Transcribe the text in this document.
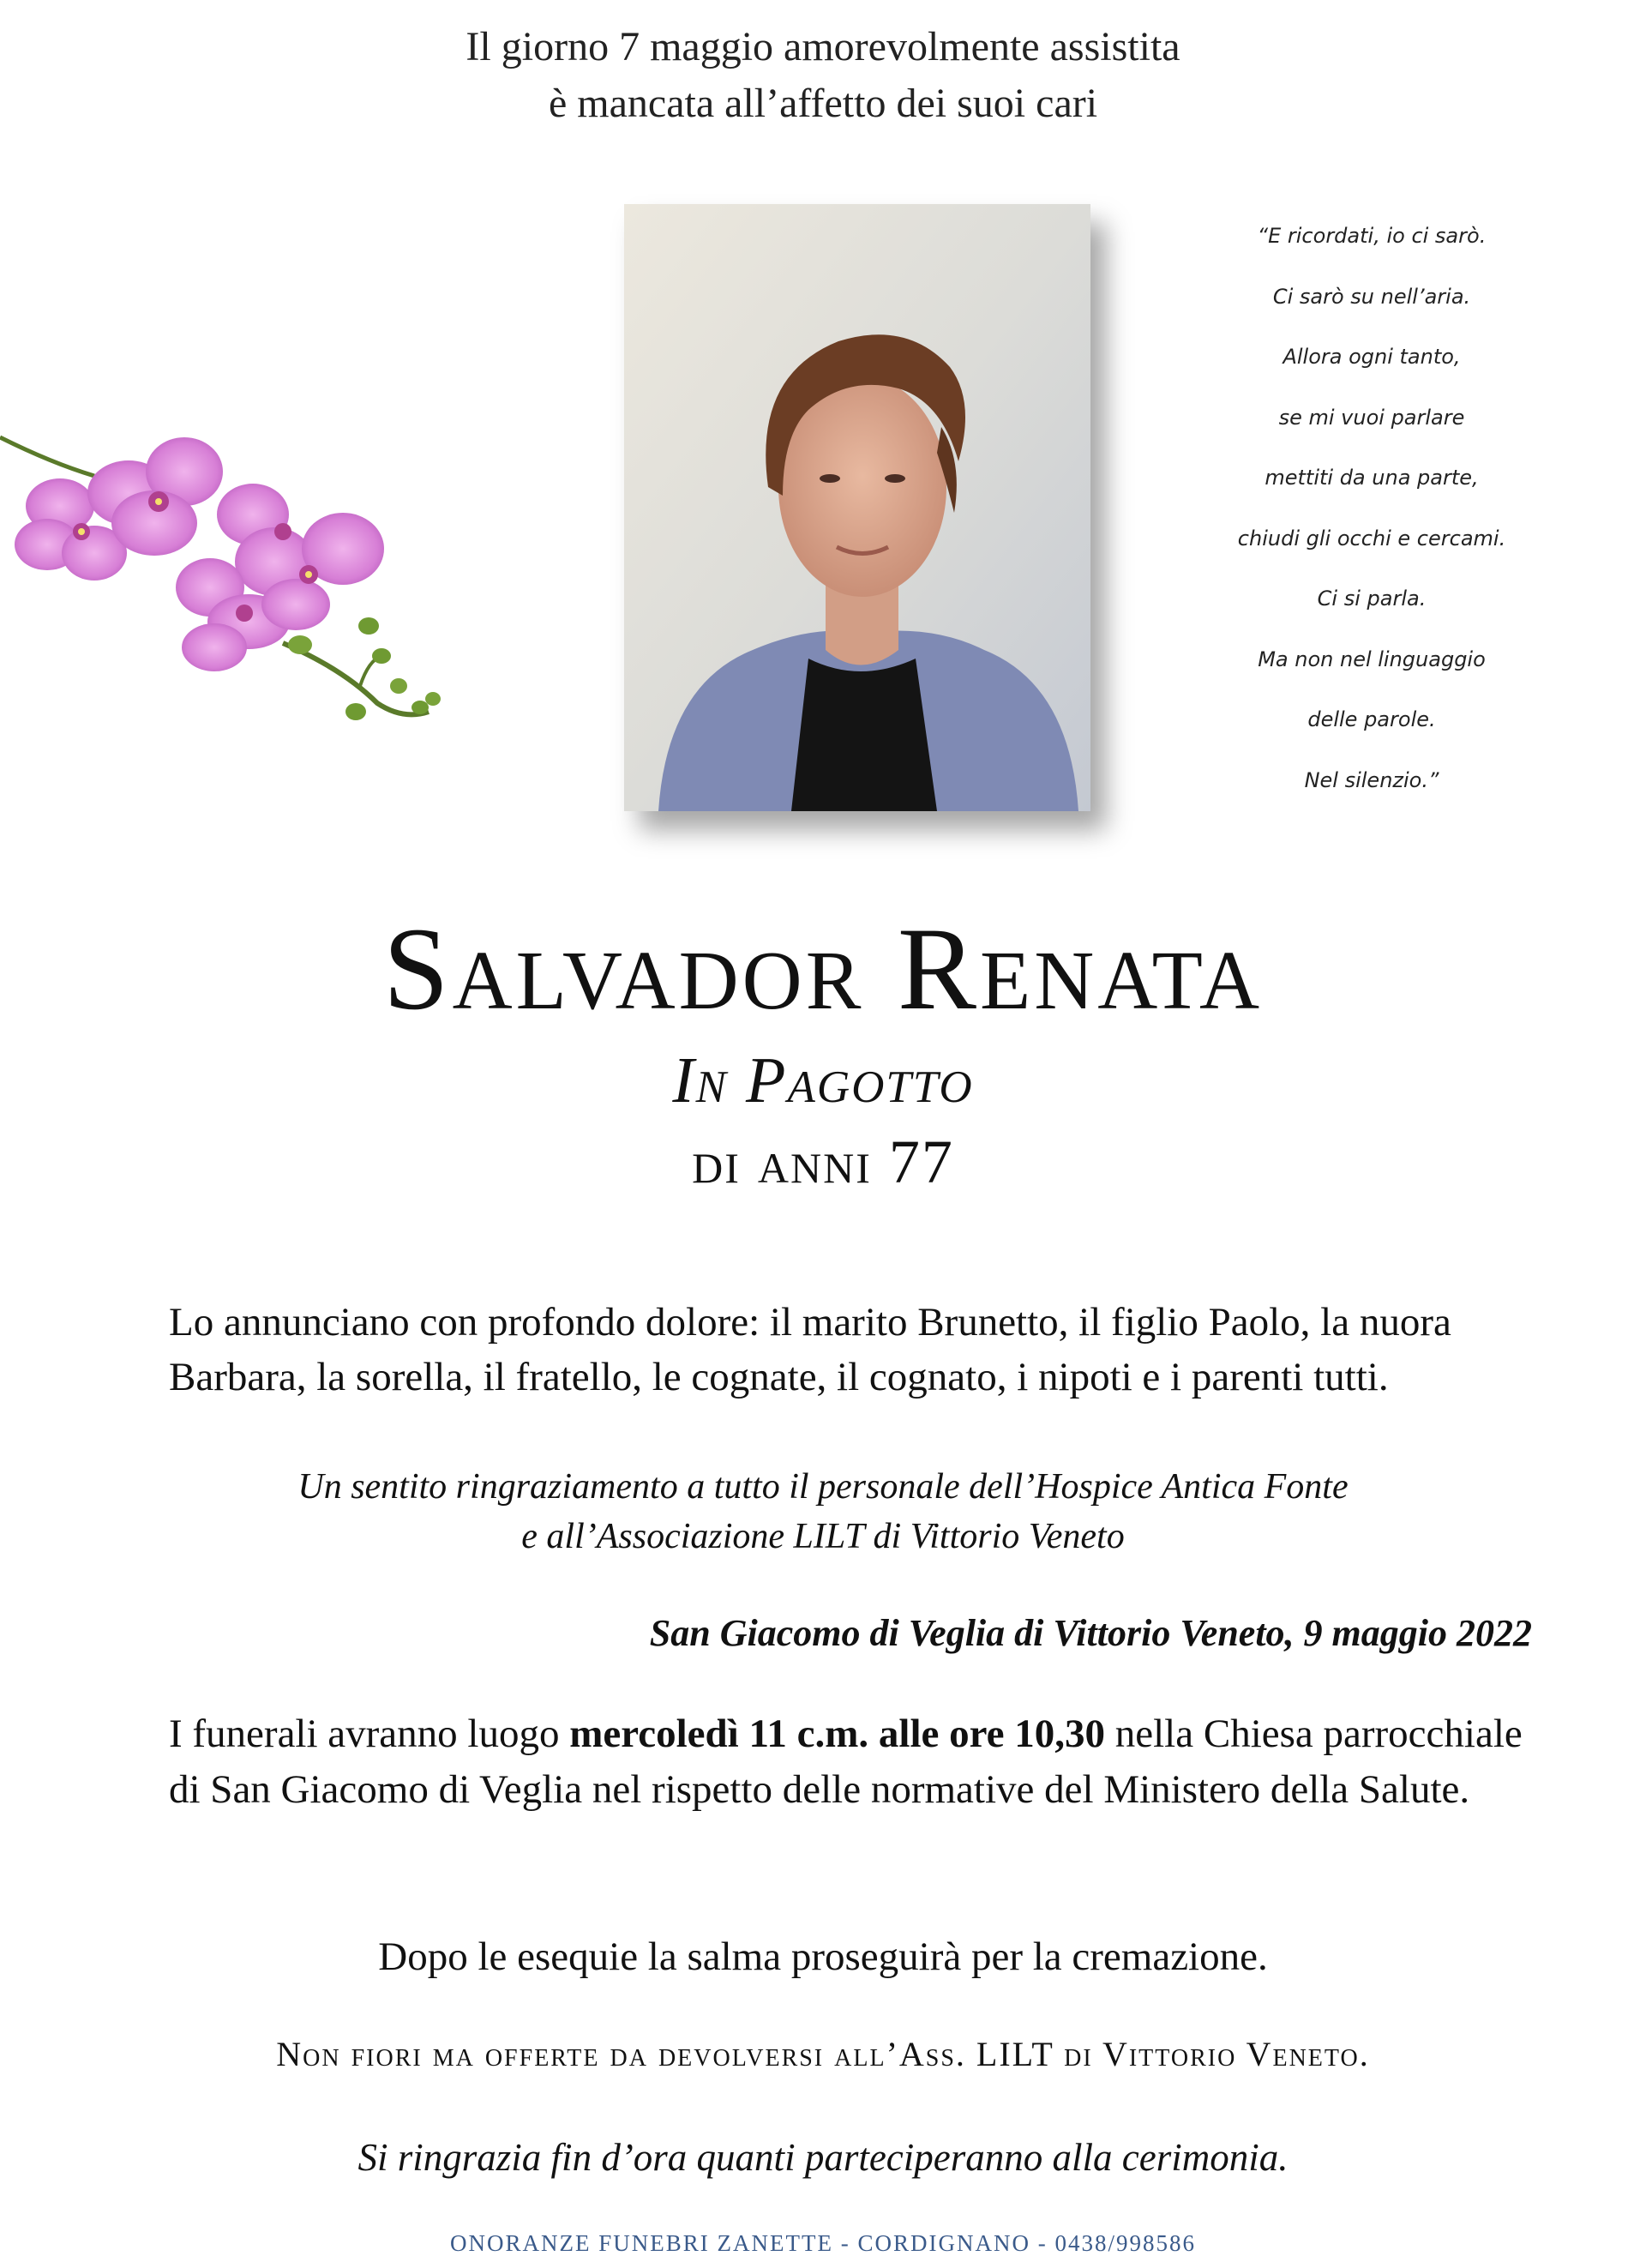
Il giorno 7 maggio amorevolmente assistita
è mancata all’affetto dei suoi cari
“E ricordati, io ci sarò.
Ci sarò su nell’aria.
Allora ogni tanto,
se mi vuoi parlare
mettiti da una parte,
chiudi gli occhi e cercami.
Ci si parla.
Ma non nel linguaggio
delle parole.
Nel silenzio.”
Salvador Renata
In Pagotto
di anni 77
Lo annunciano con profondo dolore: il marito Brunetto, il figlio Paolo, la nuora Barbara, la sorella, il fratello, le cognate, il cognato, i nipoti e i parenti tutti.
Un sentito ringraziamento a tutto il personale dell’Hospice Antica Fonte
e all’Associazione LILT di Vittorio Veneto
San Giacomo di Veglia di Vittorio Veneto, 9 maggio 2022
I funerali avranno luogo mercoledì 11 c.m. alle ore 10,30 nella Chiesa parrocchiale di San Giacomo di Veglia nel rispetto delle normative del Ministero della Salute.
Dopo le esequie la salma proseguirà per la cremazione.
Non fiori ma offerte da devolversi all’Ass. LILT di Vittorio Veneto.
Si ringrazia fin d’ora quanti parteciperanno alla cerimonia.
ONORANZE FUNEBRI ZANETTE - CORDIGNANO - 0438/998586
